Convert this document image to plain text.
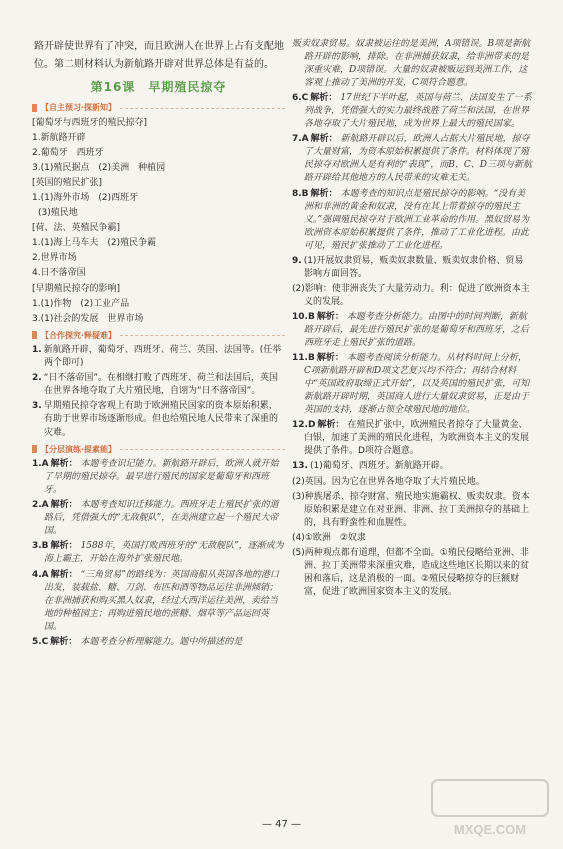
路开辟使世界有了冲突，而且欧洲人在世界上占有支配地位。第二则材料认为新航路开辟对世界总体是有益的。

第16课　早期殖民掠夺
【自主预习·探新知】

[葡萄牙与西班牙的殖民掠夺]

1.新航路开辟

2.葡萄牙　西班牙

3.(1)殖民据点　(2)美洲　种植园

[英国的殖民扩张]

1.(1)海外市场　(2)西班牙

(3)殖民地

[荷、法、英殖民争霸]

1.(1)海上马车夫　(2)殖民争霸

2.世界市场

4.日不落帝国

[早期殖民掠夺的影响]

1.(1)作物　(2)工业产品

3.(1)社会的发展　世界市场

【合作探究·释疑难】

1. 新航路开辟，葡萄牙、西班牙、荷兰、英国、法国等。(任举两个即可)

2. “日不落帝国”。在相继打败了西班牙、荷兰和法国后，英国在世界各地夺取了大片殖民地，自诩为“日不落帝国”。

3. 早期殖民掠夺客观上有助于欧洲殖民国家的资本原始积累，有助于世界市场逐渐形成。但也给殖民地人民带来了深重的灾难。

【分层演练·提素能】

1.A 解析： 本题考查识记能力。新航路开辟后，欧洲人就开始了早期的殖民掠夺。最早进行殖民的国家是葡萄牙和西班牙。

2.A 解析： 本题考查知识迁移能力。西班牙走上殖民扩张的道路后，凭借强大的“无敌舰队”，在美洲建立起一个殖民大帝国。

3.B 解析： 1588年，英国打败西班牙的“无敌舰队”，逐渐成为海上霸主，开始在海外扩张殖民地。

4.A 解析： “三角贸易”的路线为：英国商船从英国各地的港口出发，装载盐、糖、刀剑、布匹和酒等物品运往非洲倾销；在非洲捕获和购买黑人奴隶，经过大西洋运往美洲，卖给当地的种植园主；再购进殖民地的蔗糖、烟草等产品运回英国。

5.C 解析： 本题考查分析理解能力。题中所描述的是

贩卖奴隶贸易。奴隶被运往的是美洲，A项错误。B项是新航路开辟的影响，排除。在非洲捕获奴隶，给非洲带来的是深重灾难，D项错误。大量的奴隶被贩运到美洲工作，这客观上推动了美洲的开发，C项符合题意。

6.C 解析： 17世纪下半叶起，英国与荷兰、法国发生了一系列战争，凭借强大的实力最终战胜了荷兰和法国，在世界各地夺取了大片殖民地，成为世界上最大的殖民国家。

7.A 解析： 新航路开辟以后，欧洲人占据大片殖民地，掠夺了大量财富，为资本原始积累提供了条件。材料体现了殖民掠夺对欧洲人是有利的“表现”，而B、C、D三项与新航路开辟给其他地方的人民带来的灾难无关。

8.B 解析： 本题考查的知识点是殖民掠夺的影响。“没有美洲和非洲的黄金和奴隶，没有在其上带着掠夺的殖民主义。”强调殖民掠夺对于欧洲工业革命的作用。黑奴贸易为欧洲资本原始积累提供了条件，推动了工业化进程。由此可见，殖民扩张推动了工业化进程。

9. (1)开展奴隶贸易，贩卖奴隶数量、贩卖奴隶价格、贸易影响方面回答。

(2)影响：使非洲丧失了大量劳动力。利：促进了欧洲资本主义的发展。

10.B 解析： 本题考查分析能力。由图中的时间判断，新航路开辟后，最先进行殖民扩张的是葡萄牙和西班牙，之后西班牙走上殖民扩张的道路。

11.B 解析： 本题考查阅读分析能力。从材料时间上分析，C项新航路开辟和D项文艺复兴均不符合；再结合材料中“英国政府取缔正式开始”，以及英国的殖民扩张，可知新航路开辟时期，英国商人进行大量奴隶贸易，正是由于英国的支持，逐渐占领全球殖民地的地位。

12.D 解析： 在殖民扩张中，欧洲殖民者掠夺了大量黄金、白银，加速了美洲的殖民化进程，为欧洲资本主义的发展提供了条件。D项符合题意。

13. (1)葡萄牙、西班牙。新航路开辟。

(2)英国。因为它在世界各地夺取了大片殖民地。

(3)种族屠杀、掠夺财富、殖民地实施霸权、贩卖奴隶。资本原始积累是建立在对亚洲、非洲、拉丁美洲掠夺的基础上的，具有野蛮性和血腥性。

(4)①欧洲　②奴隶

(5)两种观点都有道理，但都不全面。①殖民侵略给亚洲、非洲、拉丁美洲带来深重灾难，造成这些地区长期以来的贫困和落后，这是消极的一面。②殖民侵略掠夺的巨额财富，促进了欧洲国家资本主义的发展。

— 47 —	MXQE.COM
